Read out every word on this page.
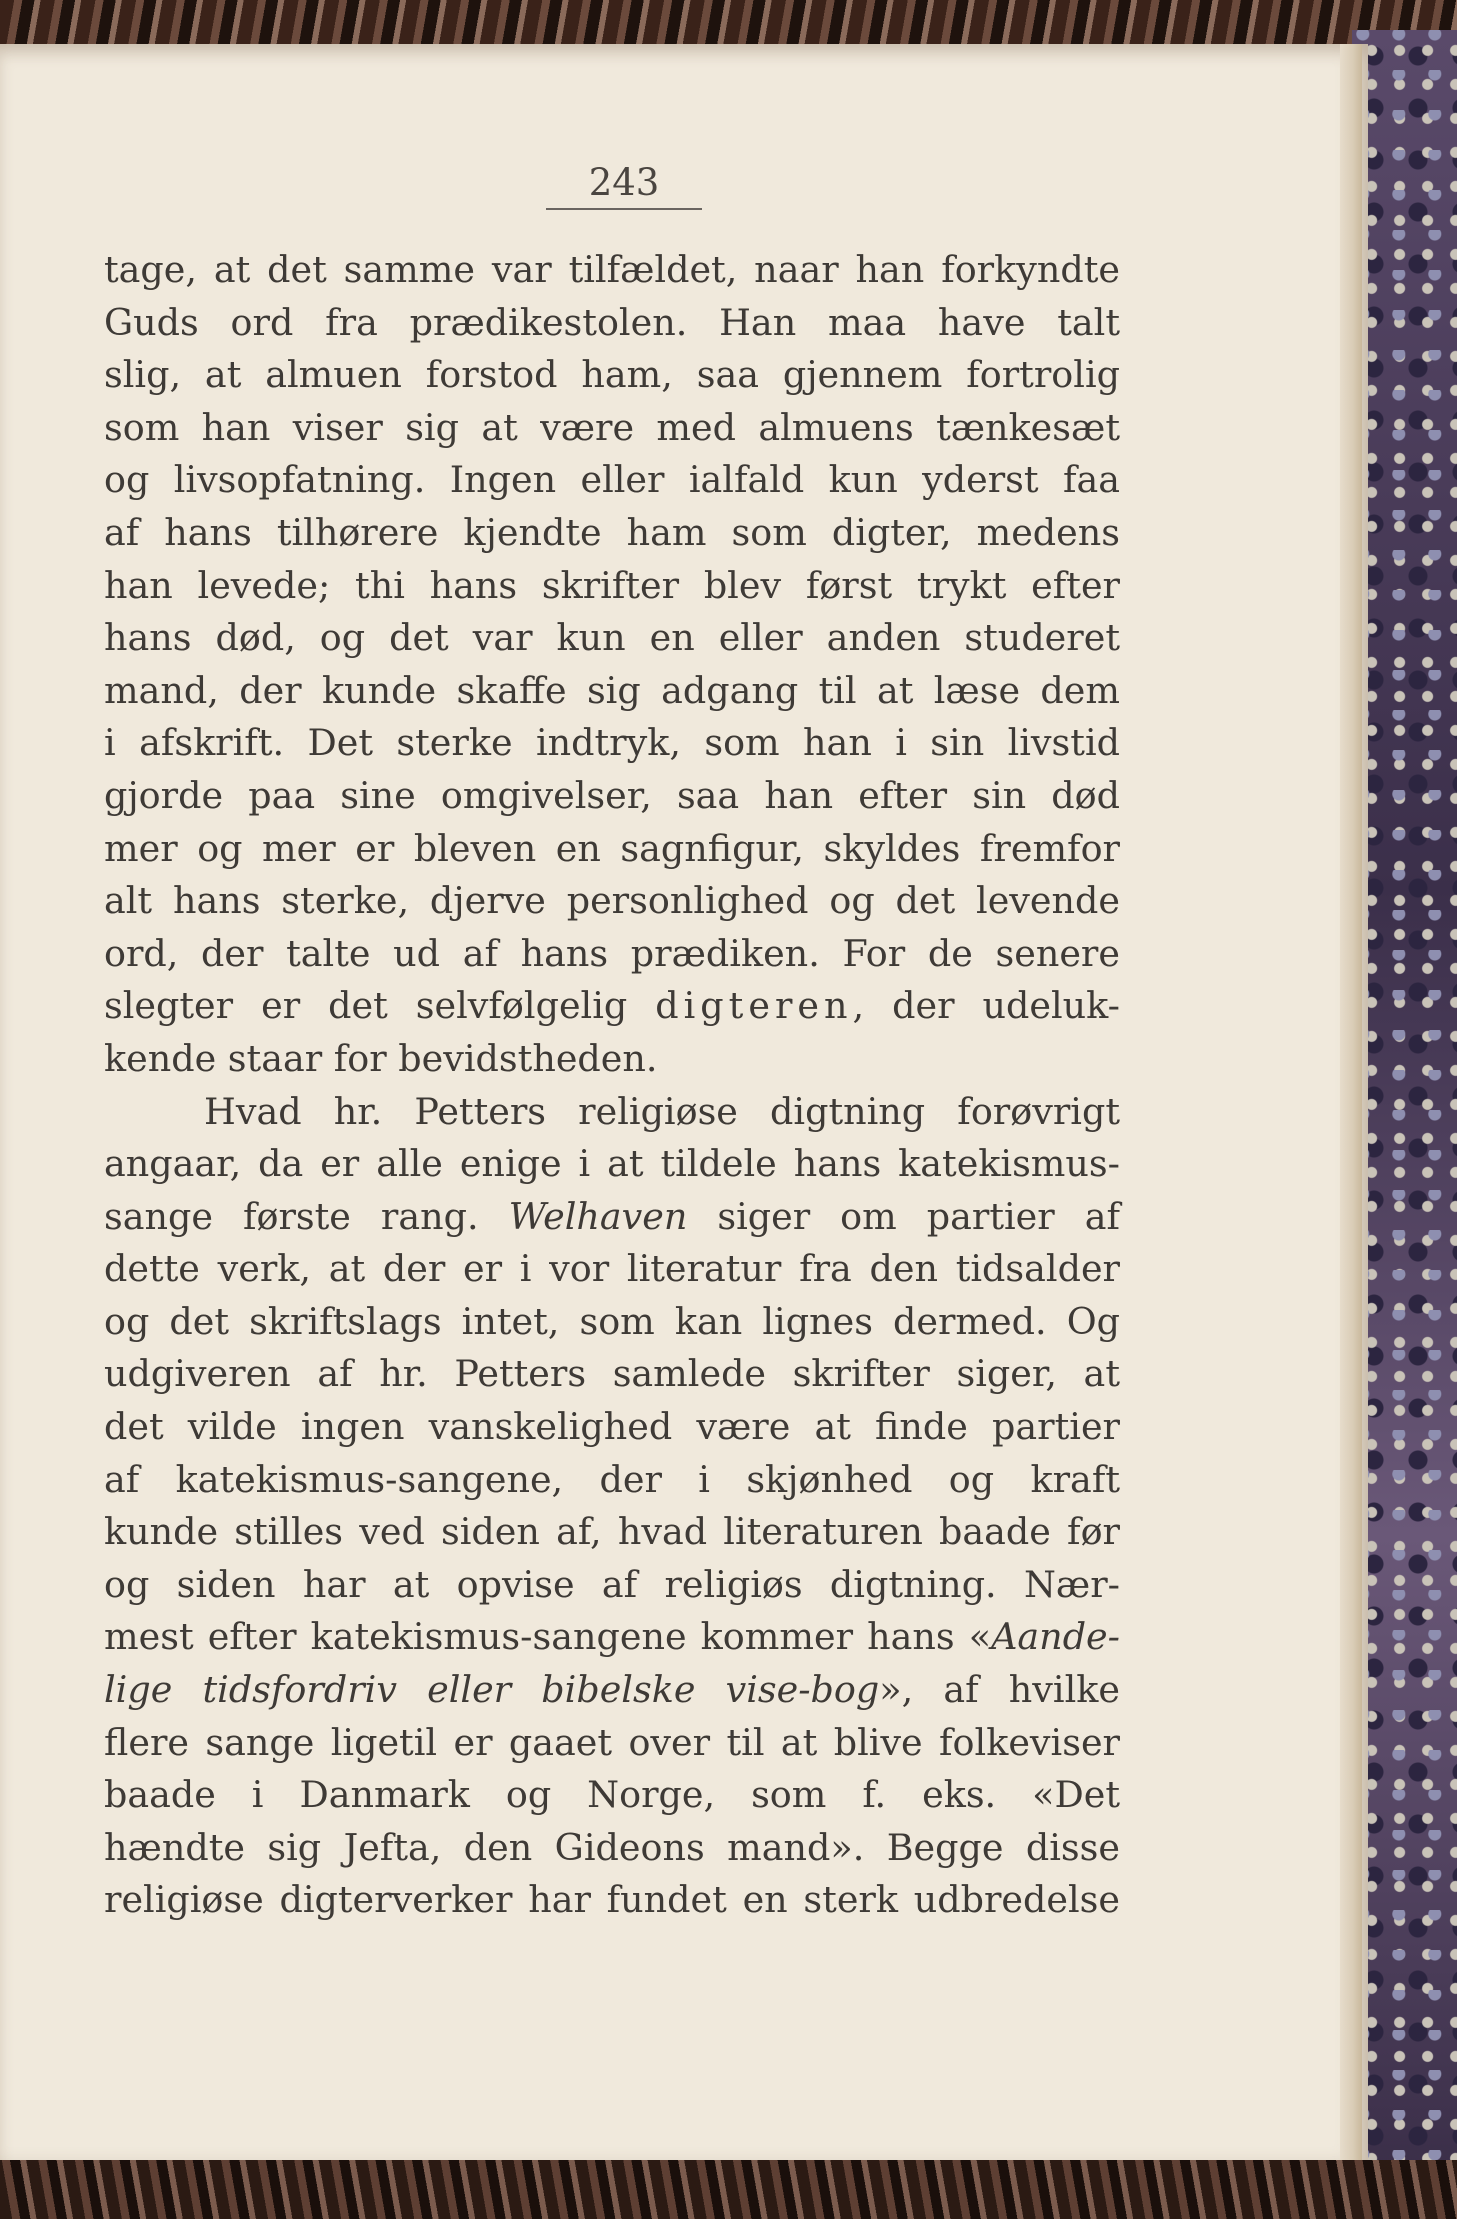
243
tage, at det samme var tilfældet, naar han forkyndte
Guds ord fra prædikestolen. Han maa have talt
slig, at almuen forstod ham, saa gjennem fortrolig
som han viser sig at være med almuens tænkesæt
og livsopfatning. Ingen eller ialfald kun yderst faa
af hans tilhørere kjendte ham som digter, medens
han levede; thi hans skrifter blev først trykt efter
hans død, og det var kun en eller anden studeret
mand, der kunde skaffe sig adgang til at læse dem
i afskrift. Det sterke indtryk, som han i sin livstid
gjorde paa sine omgivelser, saa han efter sin død
mer og mer er bleven en sagnfigur, skyldes fremfor
alt hans sterke, djerve personlighed og det levende
ord, der talte ud af hans prædiken. For de senere
slegter er det selvfølgelig digteren, der udeluk-
kende staar for bevidstheden.
Hvad hr. Petters religiøse digtning forøvrigt
angaar, da er alle enige i at tildele hans katekismus-
sange første rang. Welhaven siger om partier af
dette verk, at der er i vor literatur fra den tidsalder
og det skriftslags intet, som kan lignes dermed. Og
udgiveren af hr. Petters samlede skrifter siger, at
det vilde ingen vanskelighed være at finde partier
af katekismus-sangene, der i skjønhed og kraft
kunde stilles ved siden af, hvad literaturen baade før
og siden har at opvise af religiøs digtning. Nær-
mest efter katekismus-sangene kommer hans «Aande-
lige tidsfordriv eller bibelske vise-bog», af hvilke
flere sange ligetil er gaaet over til at blive folkeviser
baade i Danmark og Norge, som f. eks. «Det
hændte sig Jefta, den Gideons mand». Begge disse
religiøse digterverker har fundet en sterk udbredelse
